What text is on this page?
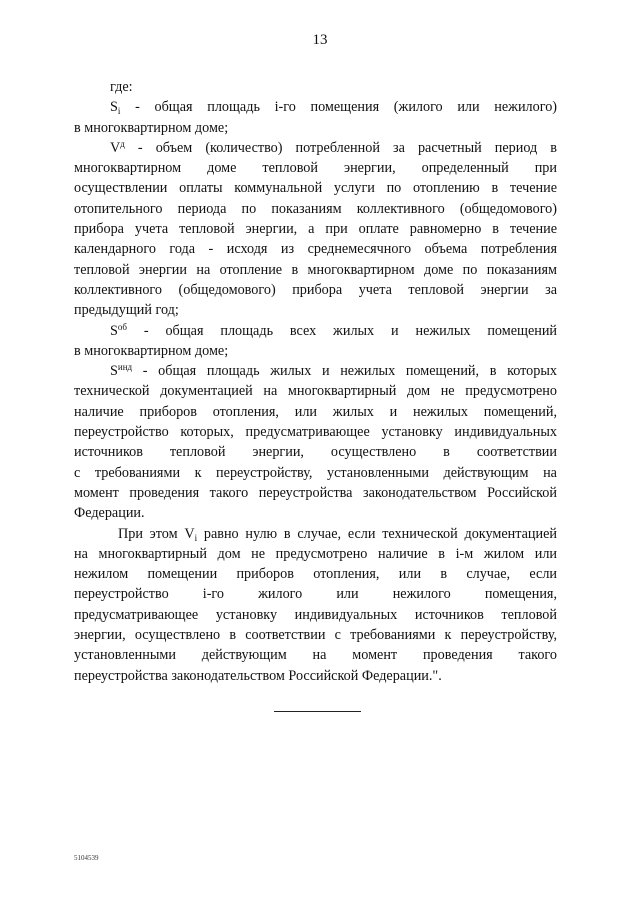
13
где:
$S_i$ - общая площадь i-го помещения (жилого или нежилого)
в многоквартирном доме;
$V^д$ - объем (количество) потребленной за расчетный период в
многоквартирном доме тепловой энергии, определенный при
осуществлении оплаты коммунальной услуги по отоплению в течение
отопительного периода по показаниям коллективного (общедомового)
прибора учета тепловой энергии, а при оплате равномерно в течение
календарного года - исходя из среднемесячного объема потребления
тепловой энергии на отопление в многоквартирном доме по показаниям
коллективного (общедомового) прибора учета тепловой энергии за
предыдущий год;
$S^{об}$ - общая площадь всех жилых и нежилых помещений
в многоквартирном доме;
$S^{инд}$ - общая площадь жилых и нежилых помещений, в которых
технической документацией на многоквартирный дом не предусмотрено
наличие приборов отопления, или жилых и нежилых помещений,
переустройство которых, предусматривающее установку индивидуальных
источников тепловой энергии, осуществлено в соответствии
с требованиями к переустройству, установленными действующим на
момент проведения такого переустройства законодательством Российской
Федерации.
При этом $V_i$ равно нулю в случае, если технической документацией
на многоквартирный дом не предусмотрено наличие в i-м жилом или
нежилом помещении приборов отопления, или в случае, если
переустройство i-го жилого или нежилого помещения,
предусматривающее установку индивидуальных источников тепловой
энергии, осуществлено в соответствии с требованиями к переустройству,
установленными действующим на момент проведения такого
переустройства законодательством Российской Федерации.".
5104539
